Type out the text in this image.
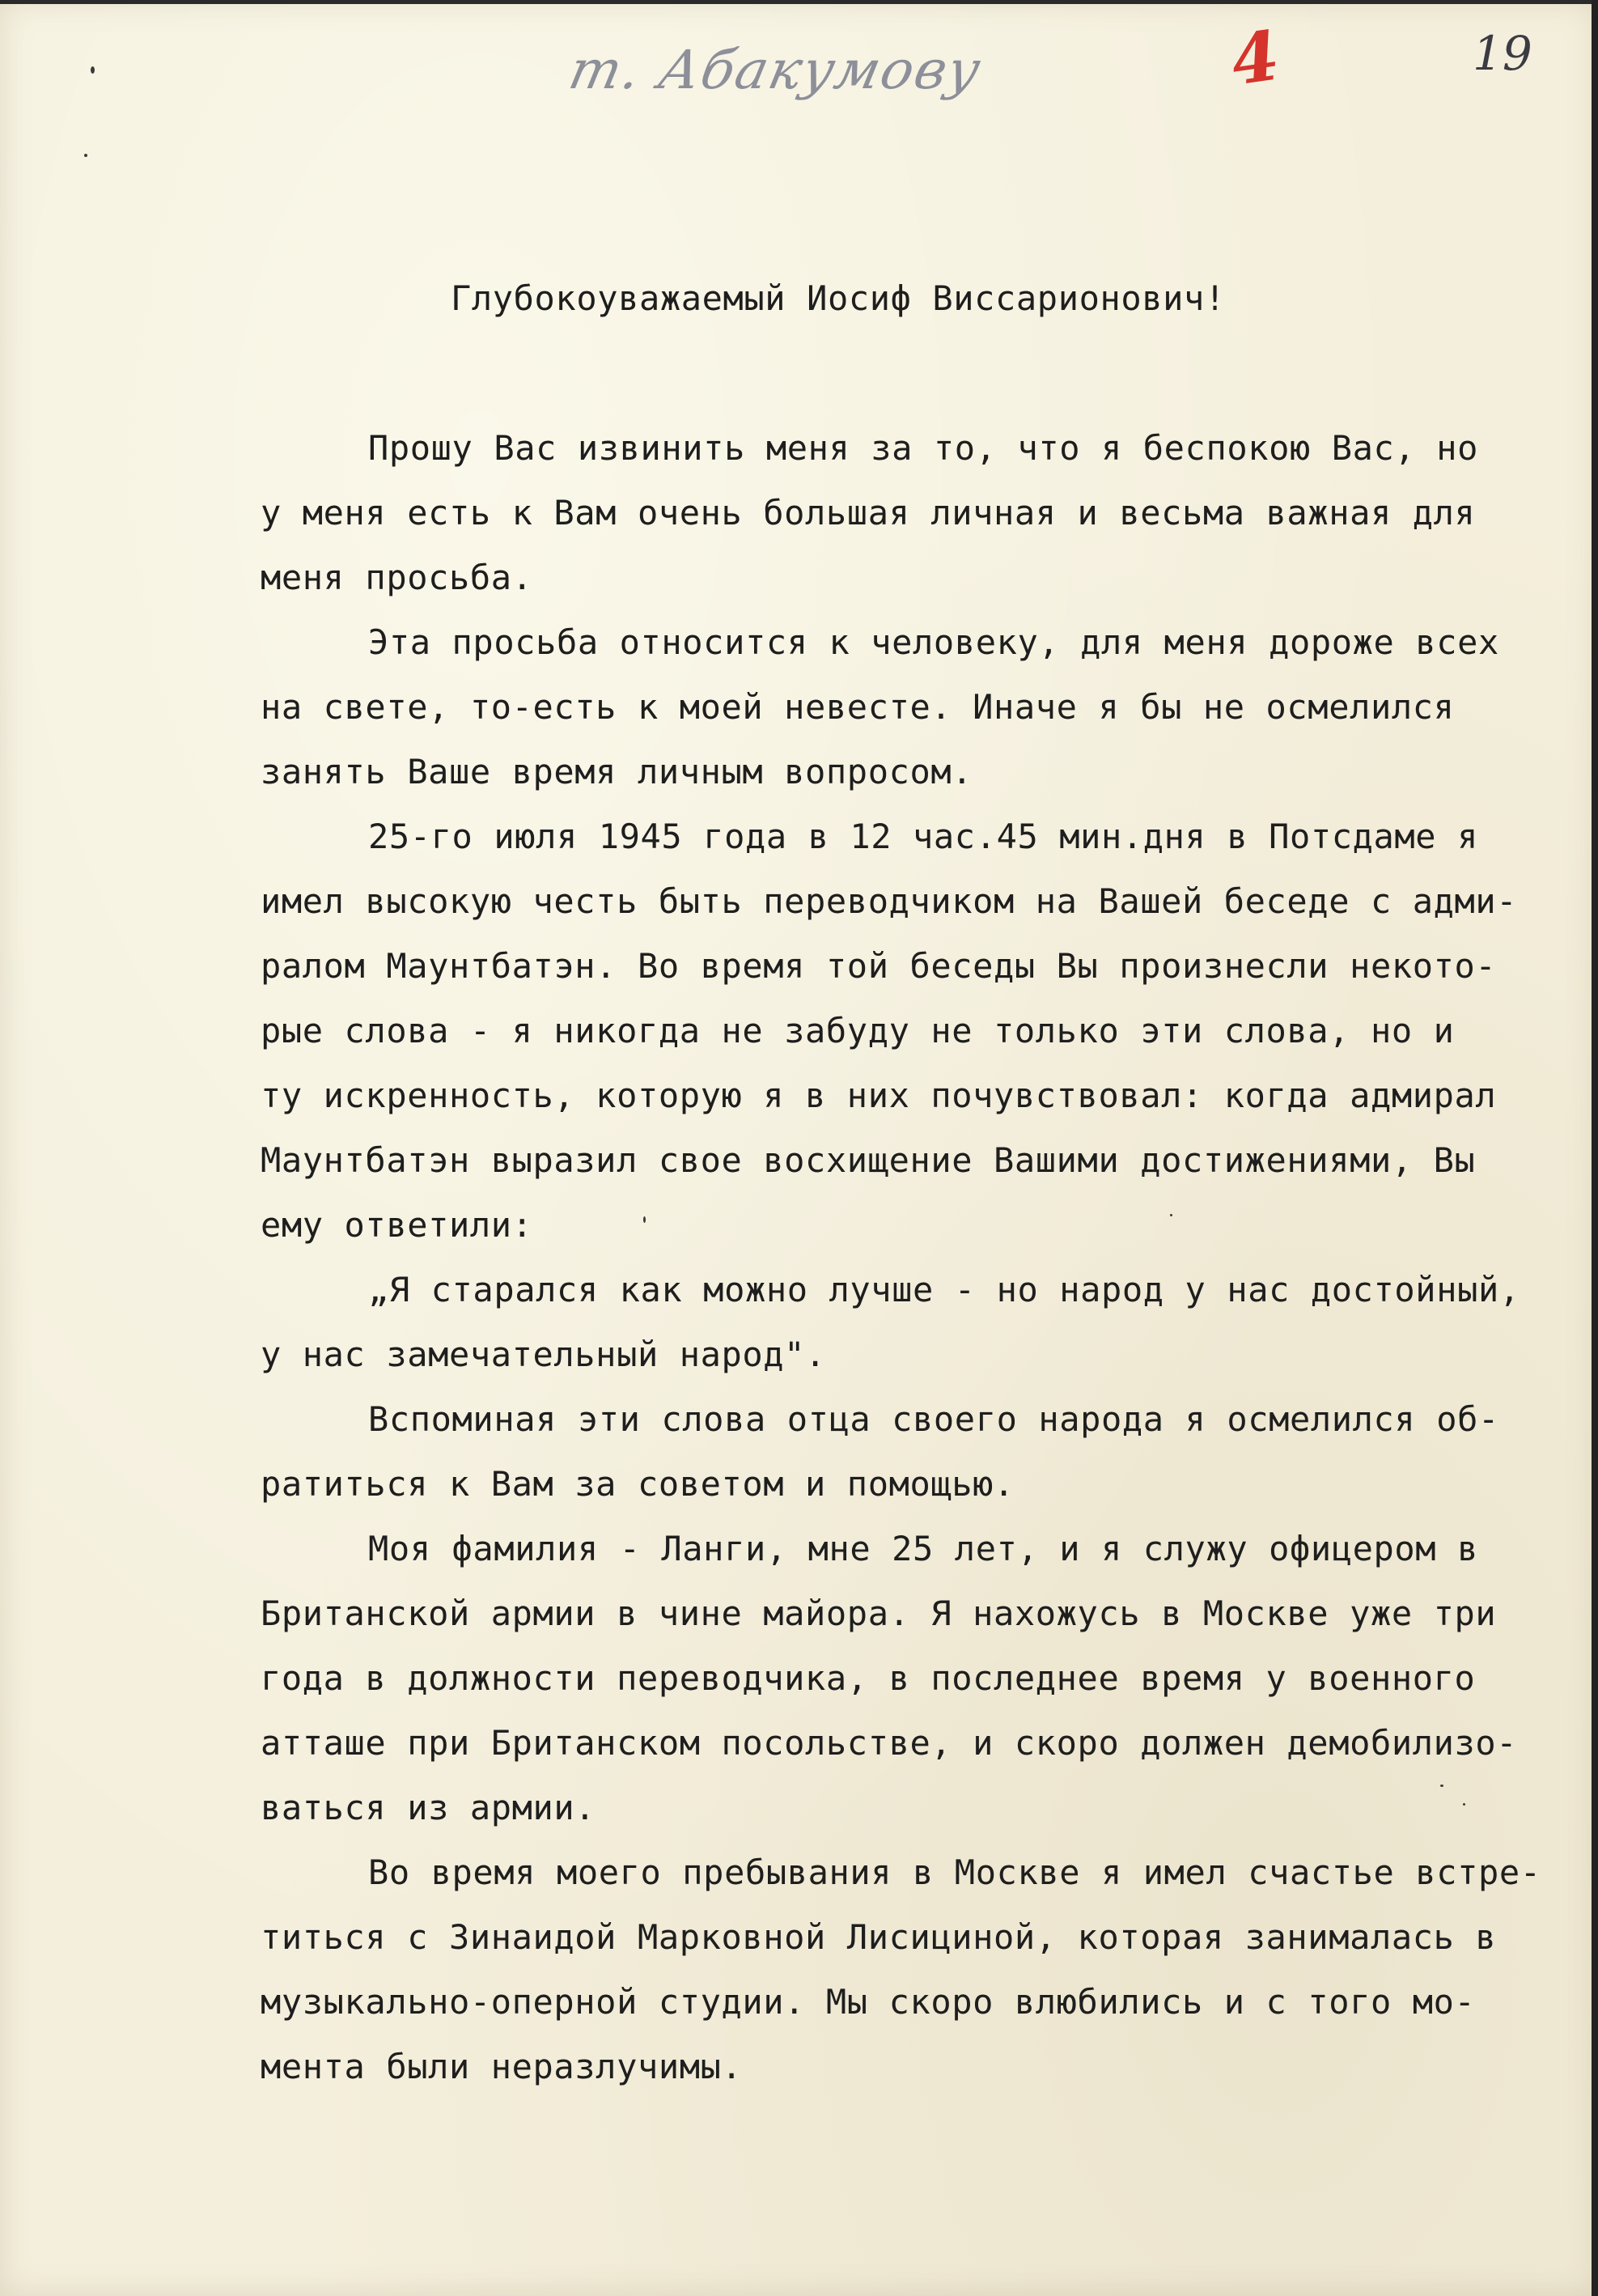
т. Абакумову	4	19
Глубокоуважаемый Иосиф Виссарионович!
Прошу Вас извинить меня за то, что я беспокою Вас, но
у меня есть к Вам очень большая личная и весьма важная для
меня просьба.
Эта просьба относится к человеку, для меня дороже всех
на свете, то-есть к моей невесте. Иначе я бы не осмелился
занять Ваше время личным вопросом.
25-го июля 1945 года в 12 час.45 мин.дня в Потсдаме я
имел высокую честь быть переводчиком на Вашей беседе с адми-
ралом Маунтбатэн. Во время той беседы Вы произнесли некото-
рые слова - я никогда не забуду не только эти слова, но и
ту искренность, которую я в них почувствовал: когда адмирал
Маунтбатэн выразил свое восхищение Вашими достижениями, Вы
ему ответили:
„Я старался как можно лучше - но народ у нас достойный,
у нас замечательный народ".
Вспоминая эти слова отца своего народа я осмелился об-
ратиться к Вам за советом и помощью.
Моя фамилия - Ланги, мне 25 лет, и я служу офицером в
Британской армии в чине майора. Я нахожусь в Москве уже три
года в должности переводчика, в последнее время у военного
атташе при Британском посольстве, и скоро должен демобилизо-
ваться из армии.
Во время моего пребывания в Москве я имел счастье встре-
титься с Зинаидой Марковной Лисициной, которая занималась в
музыкально-оперной студии. Мы скоро влюбились и с того мо-
мента были неразлучимы.
